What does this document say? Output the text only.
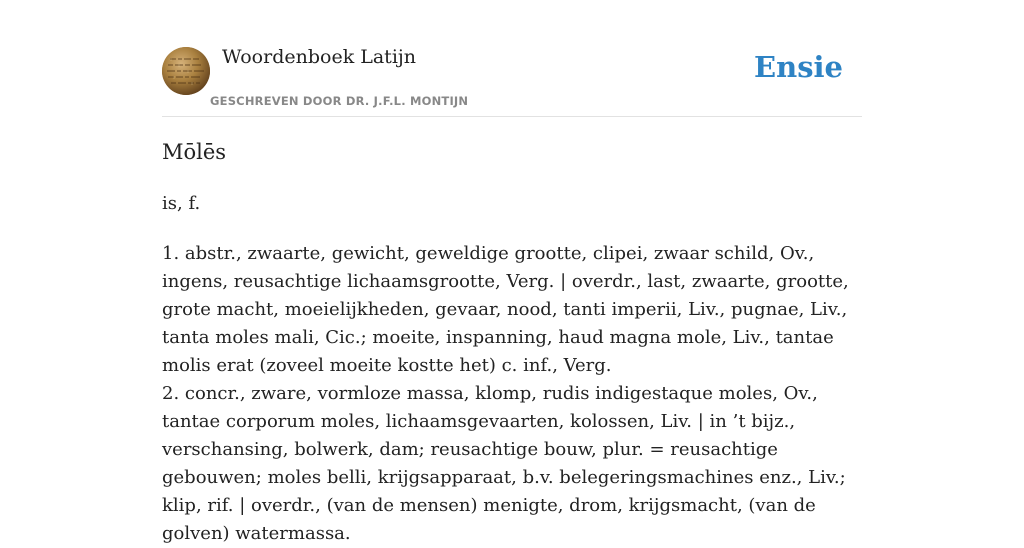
Woordenboek Latijn
GESCHREVEN DOOR DR. J.F.L. MONTIJN
Ensie
Mōlēs
is, f.

1. abstr., zwaarte, gewicht, geweldige grootte, clipei, zwaar schild, Ov., ingens, reusachtige lichaamsgrootte, Verg. | overdr., last, zwaarte, grootte, grote macht, moeielijkheden, gevaar, nood, tanti imperii, Liv., pugnae, Liv., tanta moles mali, Cic.; moeite, inspanning, haud magna mole, Liv., tantae molis erat (zoveel moeite kostte het) c. inf., Verg.

2. concr., zware, vormloze massa, klomp, rudis indigestaque moles, Ov., tantae corporum moles, lichaamsgevaarten, kolossen, Liv. | in ’t bijz., verschansing, bolwerk, dam; reusachtige bouw, plur. = reusachtige gebouwen; moles belli, krijgsapparaat, b.v. belegeringsmachines enz., Liv.; klip, rif. | overdr., (van de mensen) menigte, drom, krijgsmacht, (van de golven) watermassa.
